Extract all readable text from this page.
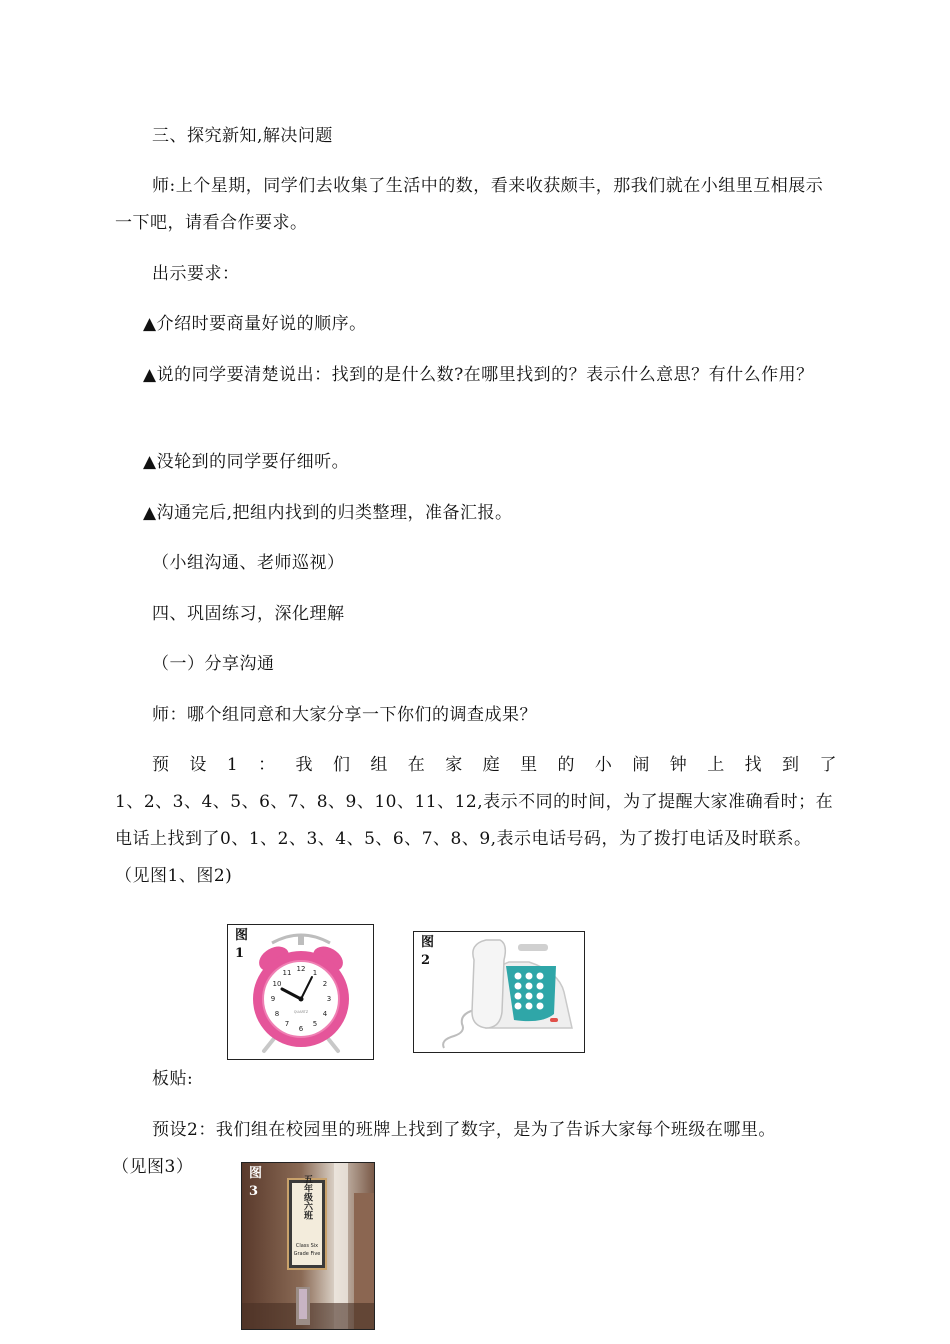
三、探究新知,解决问题

师:上个星期，同学们去收集了生活中的数，看来收获颇丰，那我们就在小组里互相展示一下吧，请看合作要求。

出示要求：

▲介绍时要商量好说的顺序。

▲说的同学要清楚说出：找到的是什么数?在哪里找到的？表示什么意思？有什么作用？

▲没轮到的同学要仔细听。

▲沟通完后,把组内找到的归类整理，准备汇报。

（小组沟通、老师巡视）

四、巩固练习，深化理解

（一）分享沟通

师：哪个组同意和大家分享一下你们的调查成果？

预设1：我们组在家庭里的小闹钟上找到了

1、2、3、4、5、6、7、8、9、10、11、12,表示不同的时间，为了提醒大家准确看时；在电话上找到了0、1、2、3、4、5、6、7、8、9,表示电话号码，为了拨打电话及时联系。（见图1、图2)

12 1
2
3
4
5
6
7
8
9
10
11
QUARTZ
图1
图2

板贴:

预设2：我们组在校园里的班牌上找到了数字，是为了告诉大家每个班级在哪里。

（见图3）

五年级六班
Class Six
Grade Five
图3
